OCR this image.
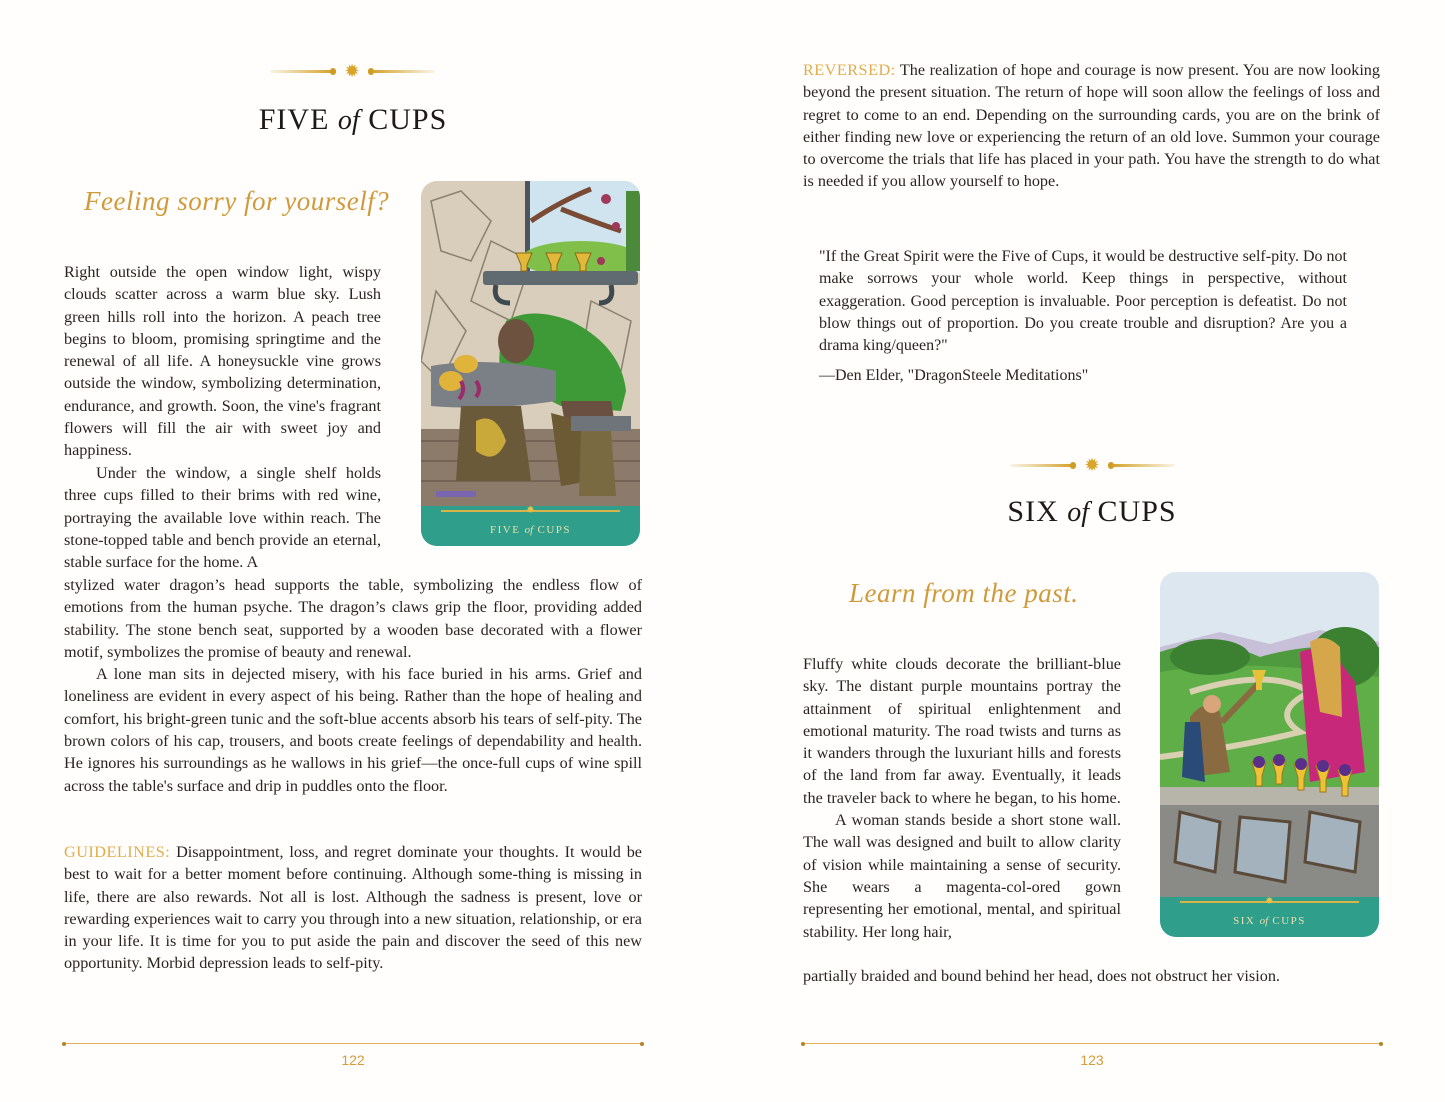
✹
FIVE of CUPS
Feeling sorry for yourself?
✹
FIVE of CUPS

Right outside the open window light, wispy clouds scatter across a warm blue sky. Lush green hills roll into the horizon. A peach tree begins to bloom, promising springtime and the renewal of all life. A honeysuckle vine grows outside the window, symbolizing determination, endurance, and growth. Soon, the vine's fragrant flowers will fill the air with sweet joy and happiness.

Under the window, a single shelf holds three cups filled to their brims with red wine, portraying the available love within reach. The stone-topped table and bench provide an eternal, stable surface for the home. A

stylized water dragon’s head supports the table, symbolizing the endless flow of emotions from the human psyche. The dragon’s claws grip the floor, providing added stability. The stone bench seat, supported by a wooden base decorated with a flower motif, symbolizes the promise of beauty and renewal.

A lone man sits in dejected misery, with his face buried in his arms. Grief and loneliness are evident in every aspect of his being. Rather than the hope of healing and comfort, his bright-green tunic and the soft-blue accents absorb his tears of self-pity. The brown colors of his cap, trousers, and boots create feelings of dependability and health. He ignores his surroundings as he wallows in his grief—the once-full cups of wine spill across the table's surface and drip in puddles onto the floor.

GUIDELINES: Disappointment, loss, and regret dominate your thoughts. It would be best to wait for a better moment before continuing. Although some-thing is missing in life, there are also rewards. Not all is lost. Although the sadness is present, love or rewarding experiences wait to carry you through into a new situation, relationship, or era in your life. It is time for you to put aside the pain and discover the seed of this new opportunity. Morbid depression leads to self-pity.

122

REVERSED: The realization of hope and courage is now present. You are now looking beyond the present situation. The return of hope will soon allow the feelings of loss and regret to come to an end. Depending on the surrounding cards, you are on the brink of either finding new love or experiencing the return of an old love. Summon your courage to overcome the trials that life has placed in your path. You have the strength to do what is needed if you allow yourself to hope.

"If the Great Spirit were the Five of Cups, it would be destructive self-pity. Do not make sorrows your whole world. Keep things in perspective, without exaggeration. Good perception is invaluable. Poor perception is defeatist. Do not blow things out of proportion. Do you create trouble and disruption? Are you a drama king/queen?"

—Den Elder, "DragonSteele Meditations"

✹
SIX of CUPS
Learn from the past.
✹
SIX of CUPS

Fluffy white clouds decorate the brilliant-blue sky. The distant purple mountains portray the attainment of spiritual enlightenment and emotional maturity. The road twists and turns as it wanders through the luxuriant hills and forests of the land from far away. Eventually, it leads the traveler back to where he began, to his home.

A woman stands beside a short stone wall. The wall was designed and built to allow clarity of vision while maintaining a sense of security. She wears a magenta-col-ored gown representing her emotional, mental, and spiritual stability. Her long hair,

partially braided and bound behind her head, does not obstruct her vision.

123
